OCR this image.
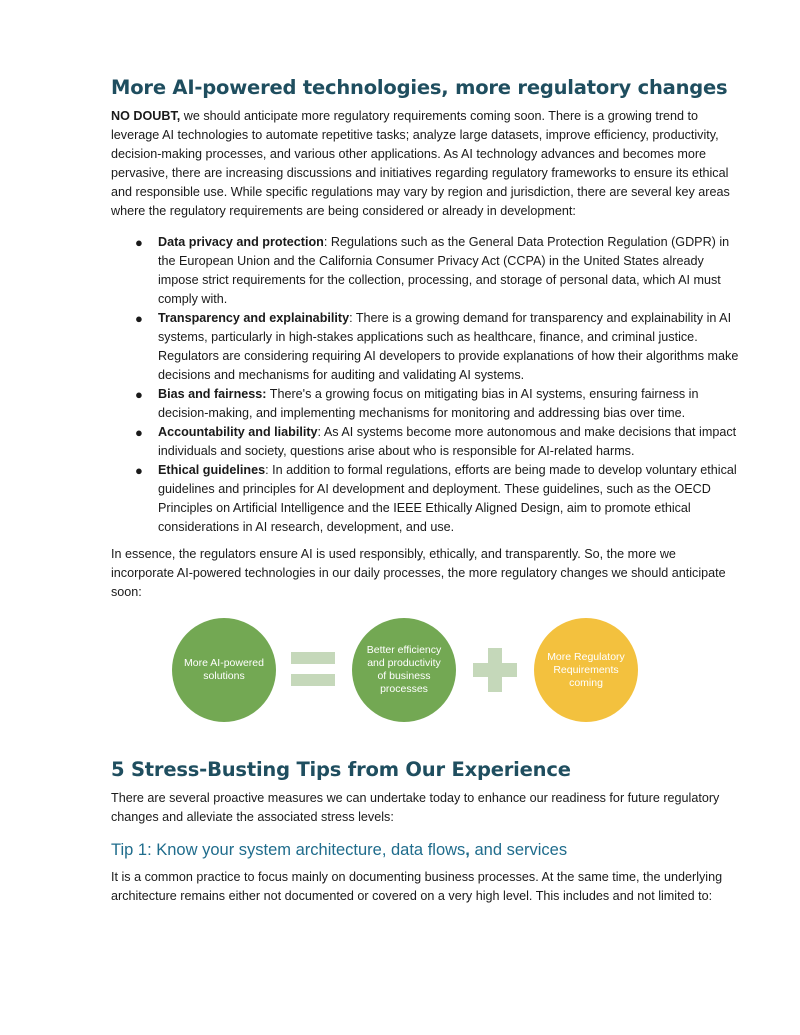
More AI-powered technologies, more regulatory changes

NO DOUBT, we should anticipate more regulatory requirements coming soon. There is a growing trend to leverage AI technologies to automate repetitive tasks; analyze large datasets, improve efficiency, productivity, decision-making processes, and various other applications. As AI technology advances and becomes more pervasive, there are increasing discussions and initiatives regarding regulatory frameworks to ensure its ethical and responsible use. While specific regulations may vary by region and jurisdiction, there are several key areas where the regulatory requirements are being considered or already in development:

● Data privacy and protection: Regulations such as the General Data Protection Regulation (GDPR) in the European Union and the California Consumer Privacy Act (CCPA) in the United States already impose strict requirements for the collection, processing, and storage of personal data, which AI must comply with.
● Transparency and explainability: There is a growing demand for transparency and explainability in AI systems, particularly in high-stakes applications such as healthcare, finance, and criminal justice. Regulators are considering requiring AI developers to provide explanations of how their algorithms make decisions and mechanisms for auditing and validating AI systems.
● Bias and fairness: There's a growing focus on mitigating bias in AI systems, ensuring fairness in decision-making, and implementing mechanisms for monitoring and addressing bias over time.
● Accountability and liability: As AI systems become more autonomous and make decisions that impact individuals and society, questions arise about who is responsible for AI-related harms.
● Ethical guidelines: In addition to formal regulations, efforts are being made to develop voluntary ethical guidelines and principles for AI development and deployment. These guidelines, such as the OECD Principles on Artificial Intelligence and the IEEE Ethically Aligned Design, aim to promote ethical considerations in AI research, development, and use.

In essence, the regulators ensure AI is used responsibly, ethically, and transparently. So, the more we incorporate AI-powered technologies in our daily processes, the more regulatory changes we should anticipate soon:

More AI-powered solutions
Better efficiency and productivity of business processes
More Regulatory Requirements coming
5 Stress-Busting Tips from Our Experience

There are several proactive measures we can undertake today to enhance our readiness for future regulatory changes and alleviate the associated stress levels:

Tip 1: Know your system architecture, data flows, and services

It is a common practice to focus mainly on documenting business processes. At the same time, the underlying architecture remains either not documented or covered on a very high level. This includes and not limited to:
